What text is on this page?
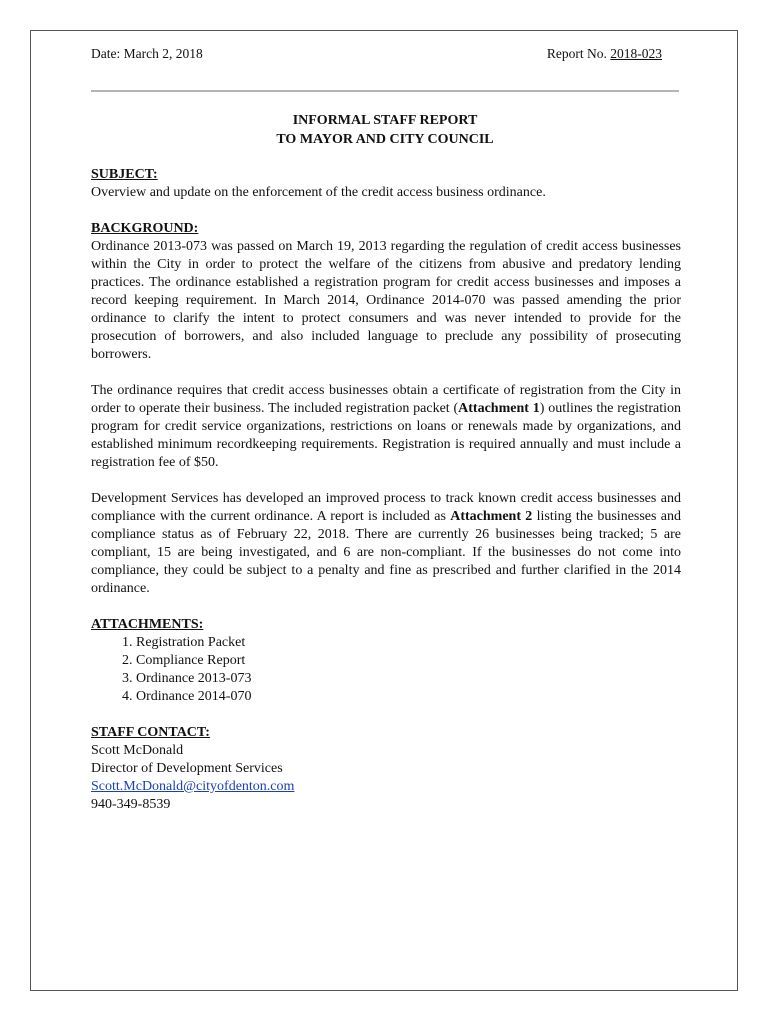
Date: March 2, 2018	Report No. 2018-023
INFORMAL STAFF REPORT
TO MAYOR AND CITY COUNCIL

SUBJECT:

Overview and update on the enforcement of the credit access business ordinance.

BACKGROUND:

Ordinance 2013-073 was passed on March 19, 2013 regarding the regulation of credit access businesses within the City in order to protect the welfare of the citizens from abusive and predatory lending practices. The ordinance established a registration program for credit access businesses and imposes a record keeping requirement. In March 2014, Ordinance 2014-070 was passed amending the prior ordinance to clarify the intent to protect consumers and was never intended to provide for the prosecution of borrowers, and also included language to preclude any possibility of prosecuting borrowers.

The ordinance requires that credit access businesses obtain a certificate of registration from the City in order to operate their business. The included registration packet (Attachment 1) outlines the registration program for credit service organizations, restrictions on loans or renewals made by organizations, and established minimum recordkeeping requirements. Registration is required annually and must include a registration fee of $50.

Development Services has developed an improved process to track known credit access businesses and compliance with the current ordinance. A report is included as Attachment 2 listing the businesses and compliance status as of February 22, 2018. There are currently 26 businesses being tracked; 5 are compliant, 15 are being investigated, and 6 are non-compliant. If the businesses do not come into compliance, they could be subject to a penalty and fine as prescribed and further clarified in the 2014 ordinance.

ATTACHMENTS:

1. Registration Packet
2. Compliance Report
3. Ordinance 2013-073
4. Ordinance 2014-070

STAFF CONTACT:

Scott McDonald

Director of Development Services

Scott.McDonald@cityofdenton.com

940-349-8539
